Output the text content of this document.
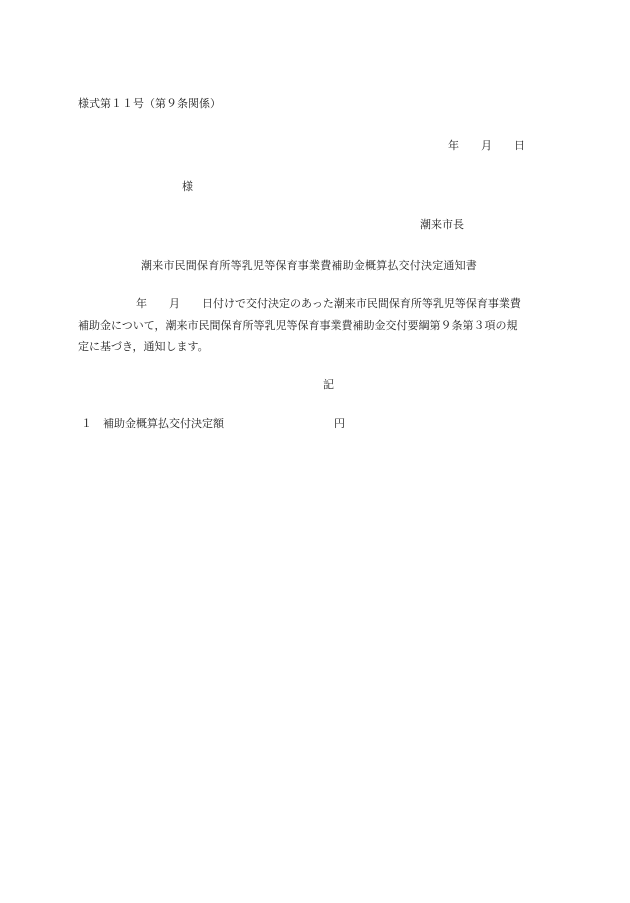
様式第１１号（第９条関係）
年 月 日
様
潮来市長
潮来市民間保育所等乳児等保育事業費補助金概算払交付決定通知書
年 月 日付けで交付決定のあった潮来市民間保育所等乳児等保育事業費
補助金について，潮来市民間保育所等乳児等保育事業費補助金交付要綱第９条第３項の規
定に基づき，通知します。
記
１ 補助金概算払交付決定額	円
